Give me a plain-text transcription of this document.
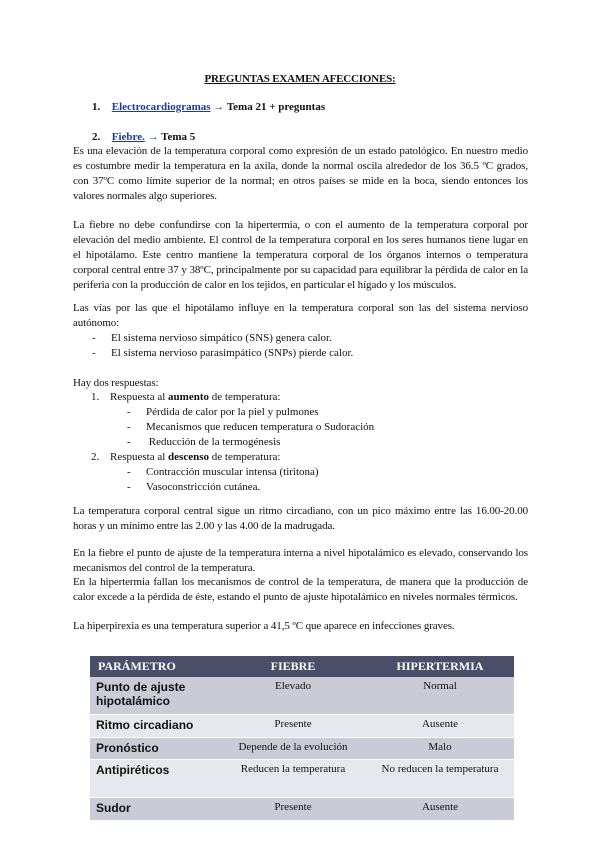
PREGUNTAS EXAMEN AFECCIONES:
1. Electrocardiogramas → Tema 21 + preguntas
2. Fiebre. → Tema 5
Es una elevación de la temperatura corporal como expresión de un estado patológico. En nuestro medio es costumbre medir la temperatura en la axila, donde la normal oscila alrededor de los 36.5 ºC grados, con 37ºC como límite superior de la normal; en otros países se mide en la boca, siendo entonces los valores normales algo superiores.
La fiebre no debe confundirse con la hipertermia, o con el aumento de la temperatura corporal por elevación del medio ambiente. El control de la temperatura corporal en los seres humanos tiene lugar en el hipotálamo. Este centro mantiene la temperatura corporal de los órganos internos o temperatura corporal central entre 37 y 38ºC, principalmente por su capacidad para equilibrar la pérdida de calor en la periferia con la producción de calor en los tejidos, en particular el hígado y los músculos.
Las vías por las que el hipotálamo influye en la temperatura corporal son las del sistema nervioso autónomo:
- El sistema nervioso simpático (SNS) genera calor.
- El sistema nervioso parasimpático (SNPs) pierde calor.
Hay dos respuestas:
1. Respuesta al aumento de temperatura:
- Pérdida de calor por la piel y pulmones
- Mecanismos que reducen temperatura o Sudoración
- Reducción de la termogénesis
2. Respuesta al descenso de temperatura:
- Contracción muscular intensa (tiritona)
- Vasoconstricción cutánea.
La temperatura corporal central sigue un ritmo circadiano, con un pico máximo entre las 16.00-20.00 horas y un mínimo entre las 2.00 y las 4.00 de la madrugada.
En la fiebre el punto de ajuste de la temperatura interna a nivel hipotalámico es elevado, conservando los mecanismos del control de la temperatura.
En la hipertermia fallan los mecanismos de control de la temperatura, de manera que la producción de calor excede a la pérdida de éste, estando el punto de ajuste hipotalámico en niveles normales térmicos.
La hiperpirexia es una temperatura superior a 41,5 ºC que aparece en infecciones graves.
PARÁMETRO	FIEBRE	HIPERTERMIA
Punto de ajuste hipotalámico	Elevado	Normal
Ritmo circadiano	Presente	Ausente
Pronóstico	Depende de la evolución	Malo
Antipiréticos	Reducen la temperatura	No reducen la temperatura
Sudor	Presente	Ausente
